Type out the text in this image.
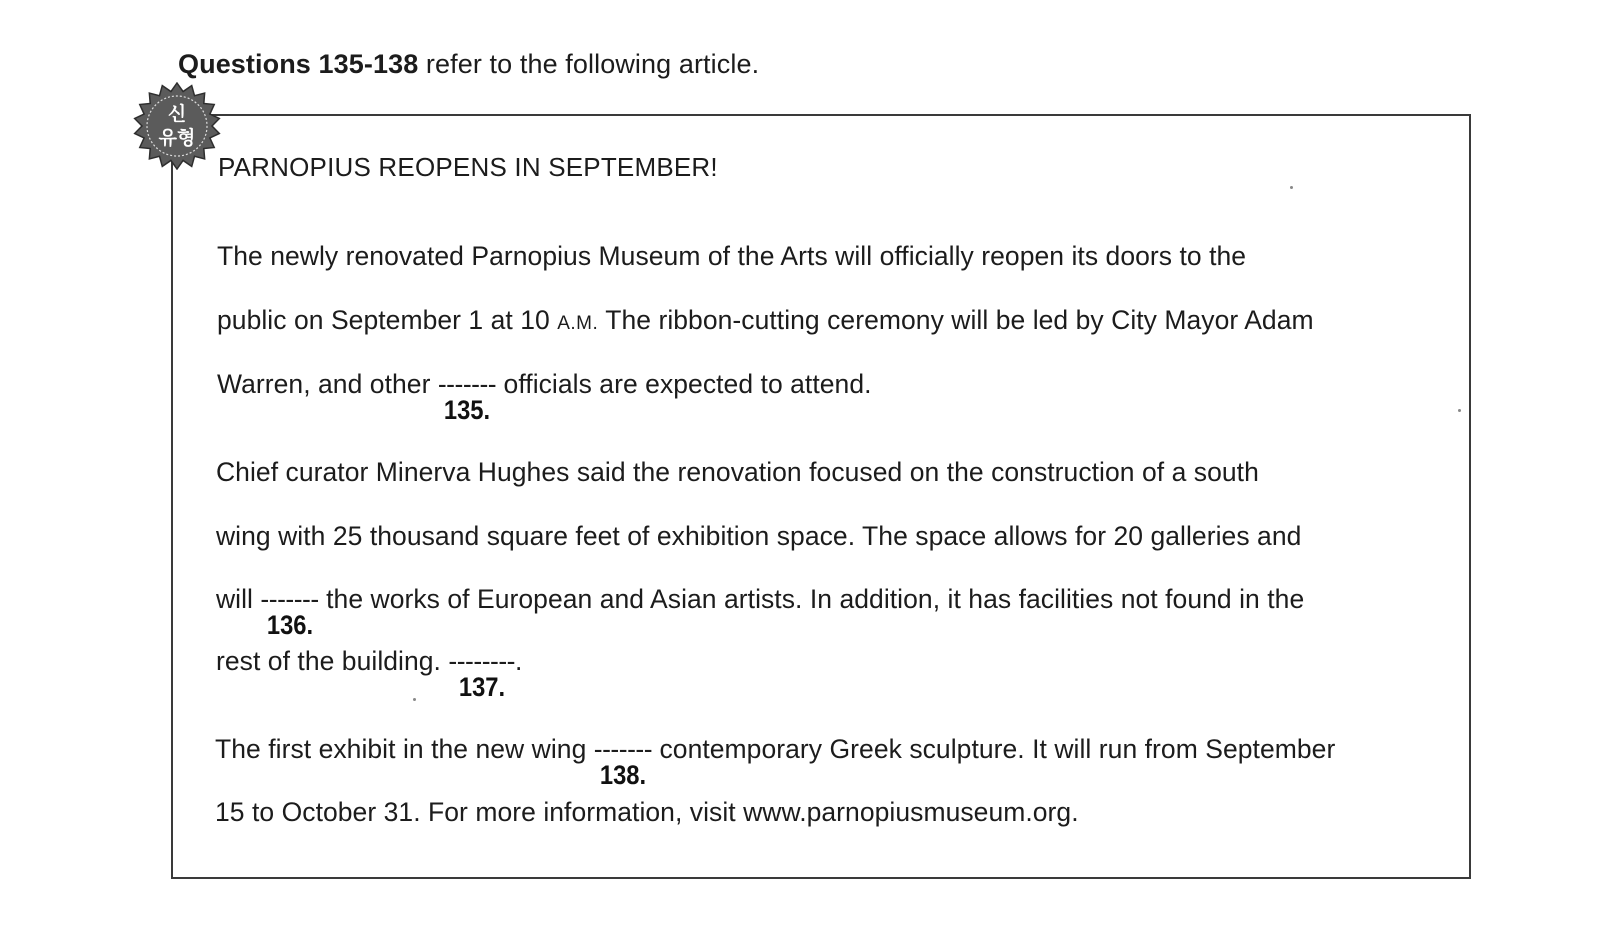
Questions 135-138 refer to the following article.
신
유형
PARNOPIUS REOPENS IN SEPTEMBER!
The newly renovated Parnopius Museum of the Arts will officially reopen its doors to the
public on September 1 at 10 A.M. The ribbon-cutting ceremony will be led by City Mayor Adam
Warren, and other -------
135.
officials are expected to attend.
Chief curator Minerva Hughes said the renovation focused on the construction of a south
wing with 25 thousand square feet of exhibition space. The space allows for 20 galleries and
will -------
136.
the works of European and Asian artists. In addition, it has facilities not found in the
rest of the building. --------
137.
.
The first exhibit in the new wing -------
138.
contemporary Greek sculpture. It will run from September
15 to October 31. For more information, visit www.parnopiusmuseum.org.
